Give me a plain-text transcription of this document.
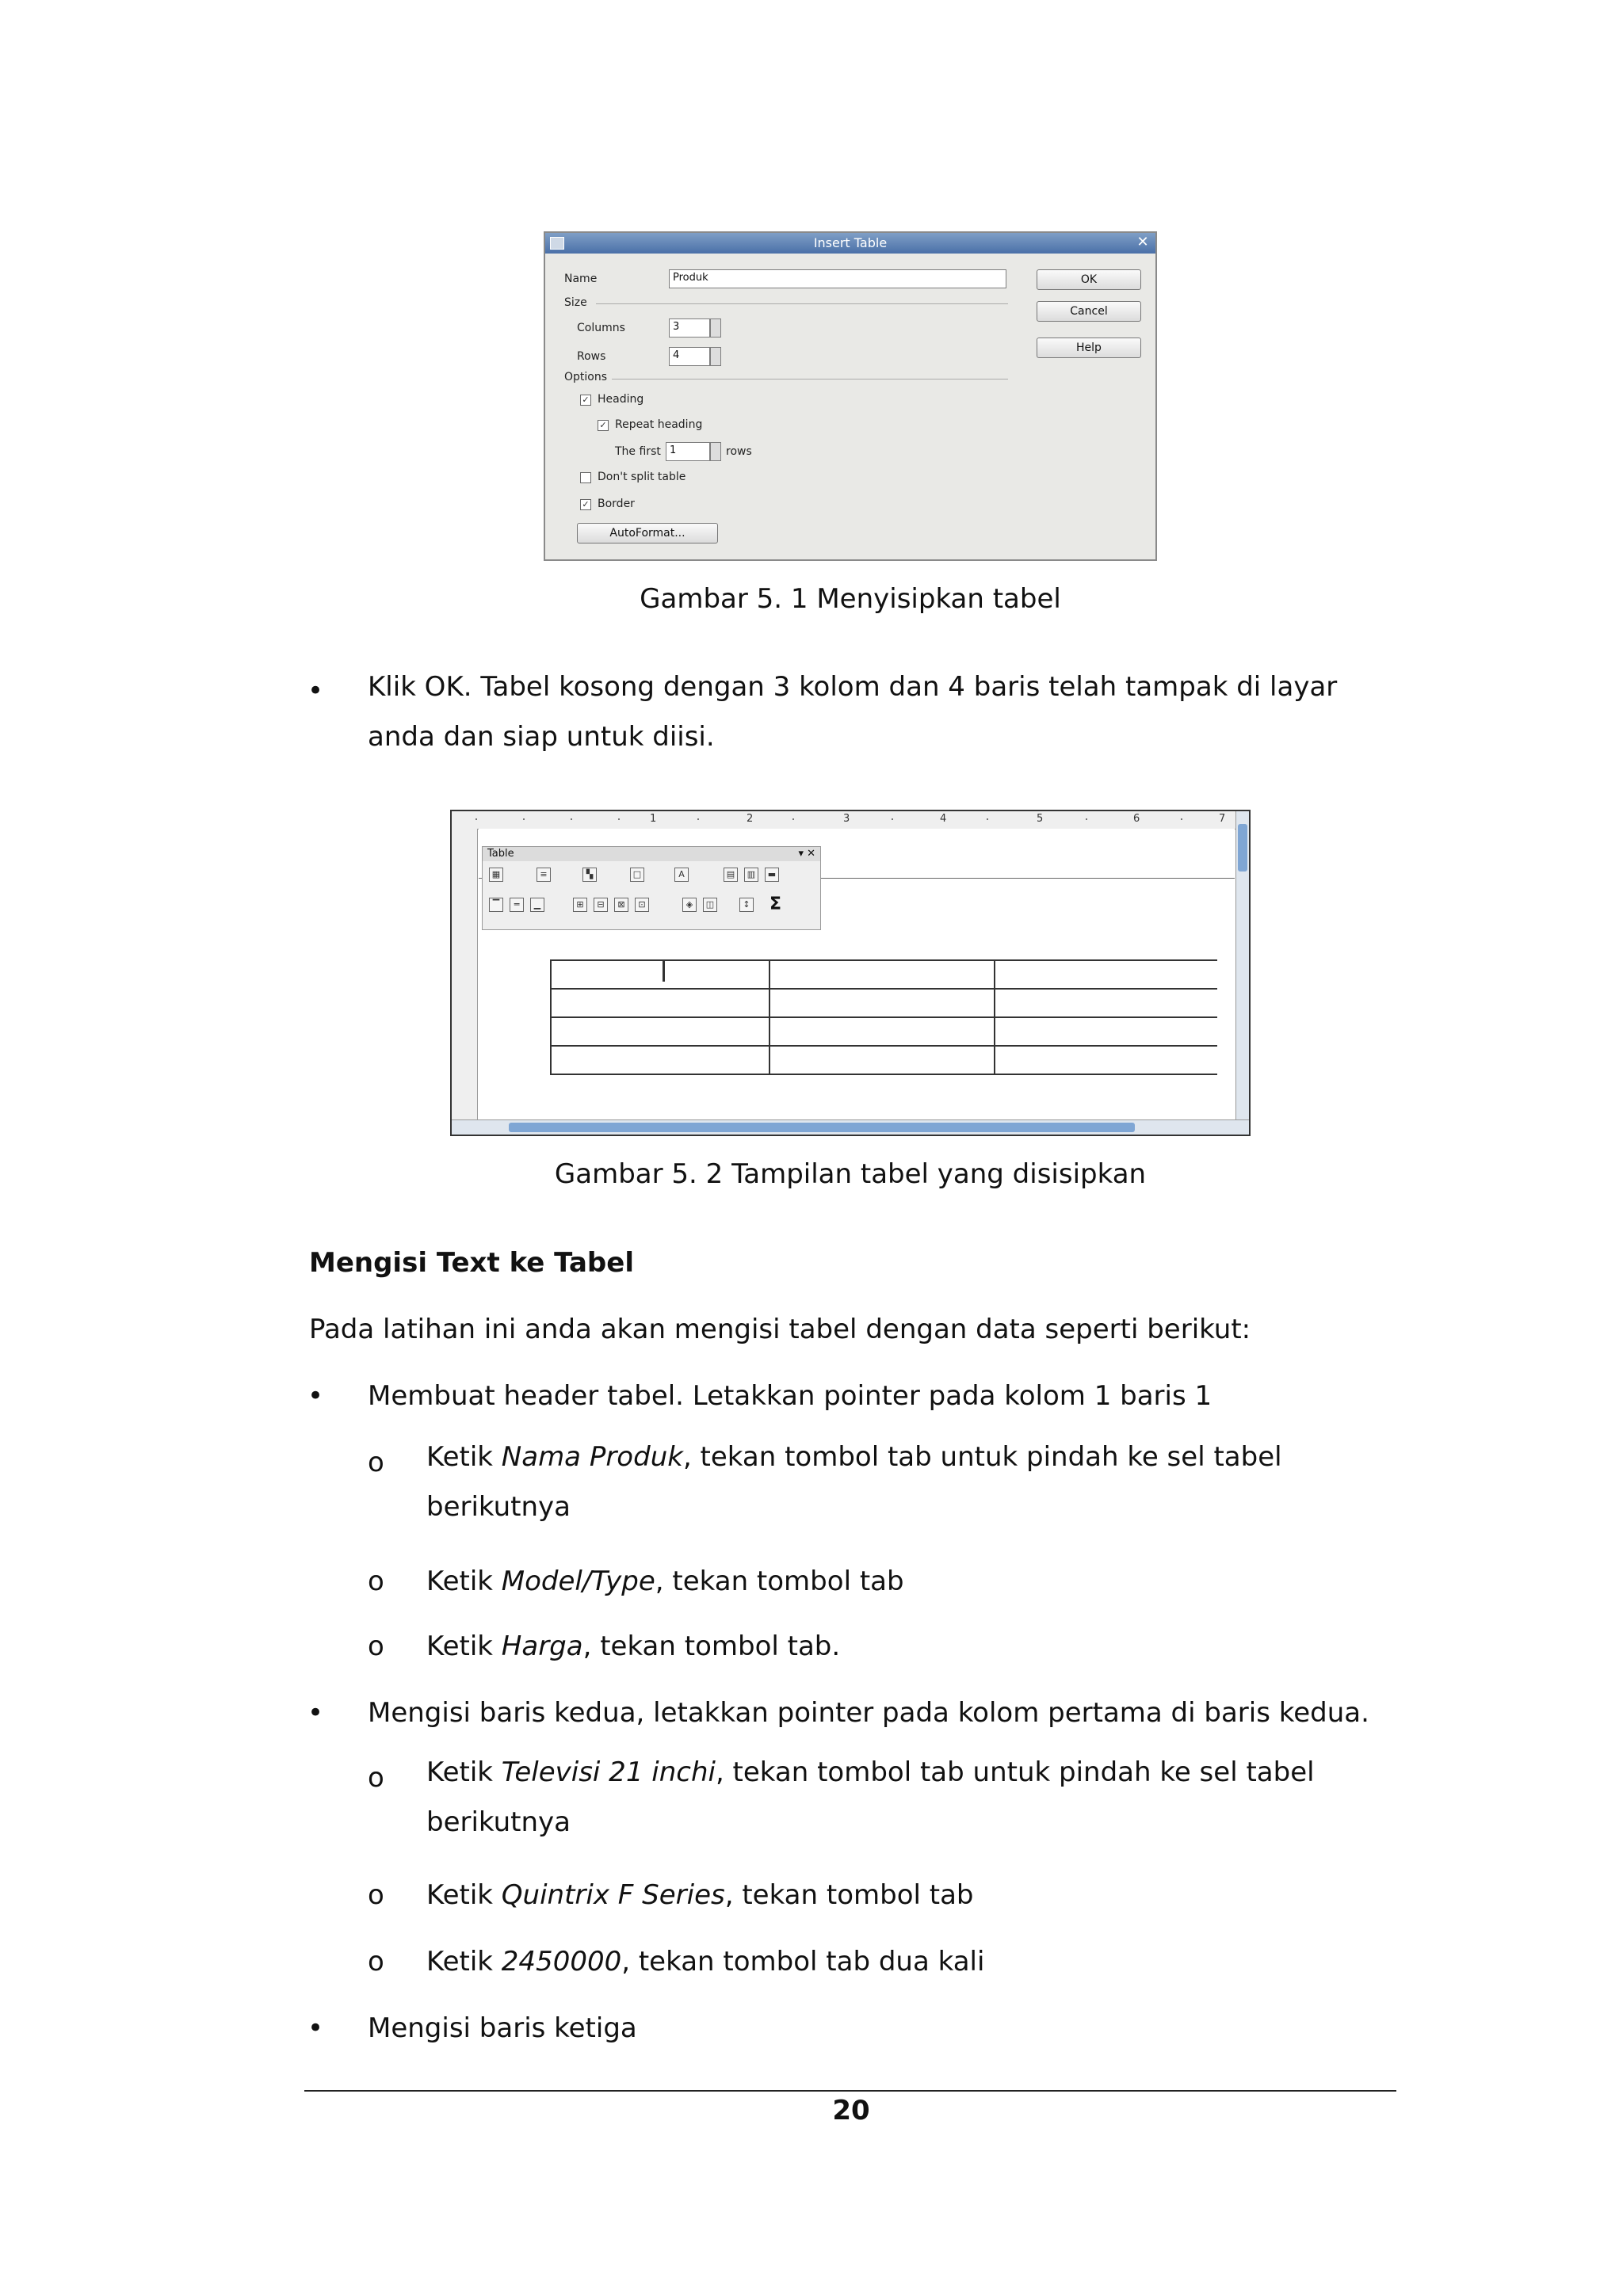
Insert Table	✕
Name	Produk
Size
Columns	3
Rows	4
Options
✓ Heading
✓ Repeat heading
The first 1	rows
Don't split table
✓ Border
AutoFormat...
OK
Cancel
Help
Gambar 5. 1 Menyisipkan tabel
• Klik OK. Tabel kosong dengan 3 kolom dan 4 baris telah tampak di layar
anda dan siap untuk diisi.
1	2	3	4	5	6	7
Table	▾ ✕
▦	≡	▚	□	A	▤	▥	▬
▔	═	▁	⊞	⊟	⊠	⊡	◈	◫	↕ Σ

Gambar 5. 2 Tampilan tabel yang disisipkan
Mengisi Text ke Tabel
Pada latihan ini anda akan mengisi tabel dengan data seperti berikut:
• Membuat header tabel. Letakkan pointer pada kolom 1 baris 1
o Ketik Nama Produk, tekan tombol tab untuk pindah ke sel tabel
berikutnya
o Ketik Model/Type, tekan tombol tab
o Ketik Harga, tekan tombol tab.
• Mengisi baris kedua, letakkan pointer pada kolom pertama di baris kedua.
o Ketik Televisi 21 inchi, tekan tombol tab untuk pindah ke sel tabel
berikutnya
o Ketik Quintrix F Series, tekan tombol tab
o Ketik 2450000, tekan tombol tab dua kali
• Mengisi baris ketiga
20
